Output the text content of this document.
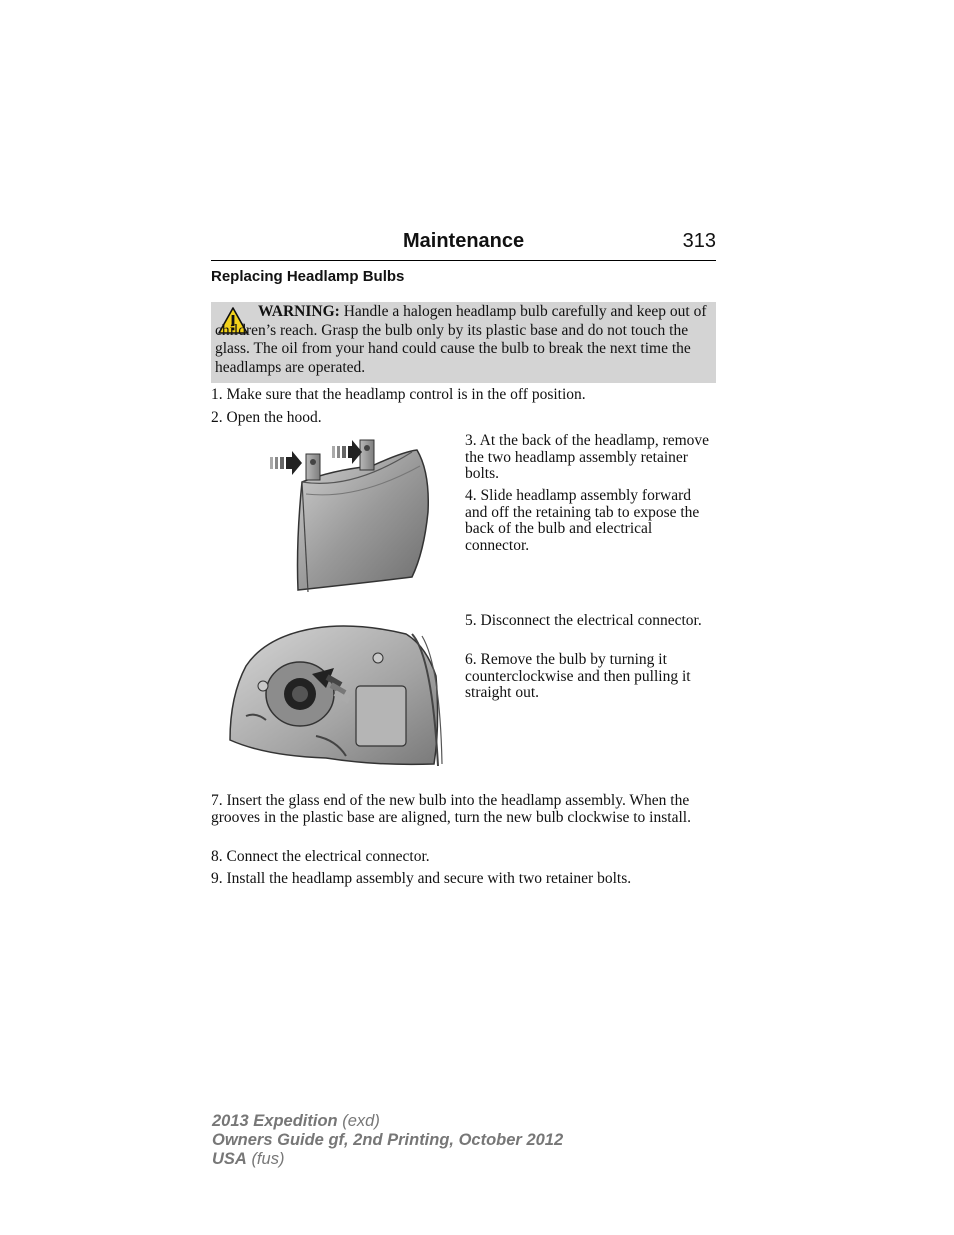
Maintenance	313
Replacing Headlamp Bulbs
WARNING: Handle a halogen headlamp bulb carefully and keep out of children’s reach. Grasp the bulb only by its plastic base and do not touch the glass. The oil from your hand could cause the bulb to break the next time the headlamps are operated.
1. Make sure that the headlamp control is in the off position.
2. Open the hood.
3. At the back of the headlamp, remove the two headlamp assembly retainer bolts.
4. Slide headlamp assembly forward and off the retaining tab to expose the back of the bulb and electrical connector.
5. Disconnect the electrical connector.
6. Remove the bulb by turning it counterclockwise and then pulling it straight out.
7. Insert the glass end of the new bulb into the headlamp assembly. When the grooves in the plastic base are aligned, turn the new bulb clockwise to install.
8. Connect the electrical connector.
9. Install the headlamp assembly and secure with two retainer bolts.
2013 Expedition (exd)
Owners Guide gf, 2nd Printing, October 2012
USA (fus)
